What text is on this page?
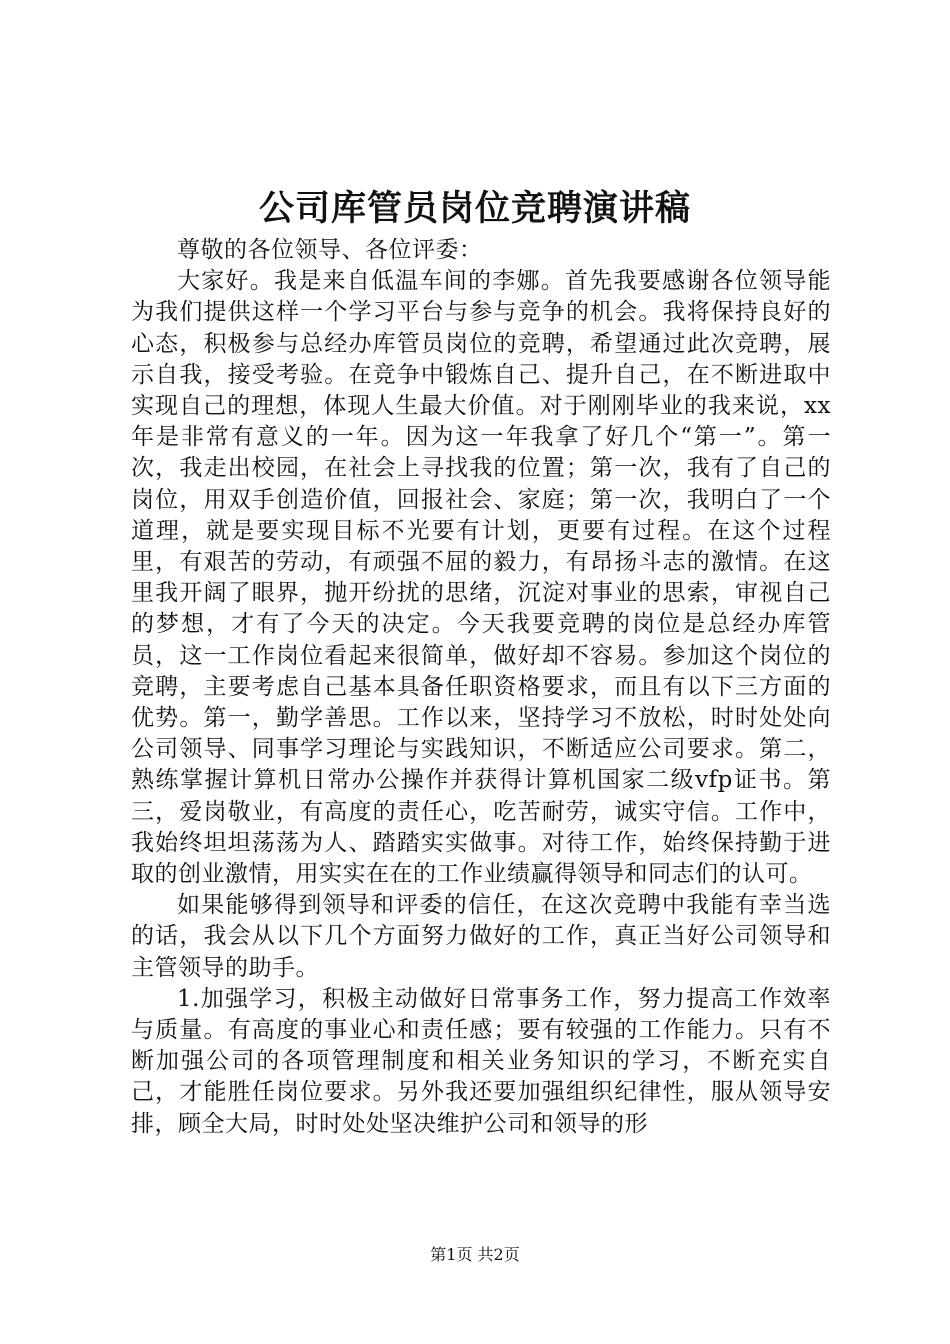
公司库管员岗位竞聘演讲稿

尊敬的各位领导、各位评委：

大家好。我是来自低温车间的李娜。首先我要感谢各位领导能为我们提供这样一个学习平台与参与竞争的机会。我将保持良好的心态，积极参与总经办库管员岗位的竞聘，希望通过此次竞聘，展示自我，接受考验。在竞争中锻炼自己、提升自己，在不断进取中实现自己的理想，体现人生最大价值。对于刚刚毕业的我来说，xx年是非常有意义的一年。因为这一年我拿了好几个“第一”。第一次，我走出校园，在社会上寻找我的位置；第一次，我有了自己的岗位，用双手创造价值，回报社会、家庭；第一次，我明白了一个道理，就是要实现目标不光要有计划，更要有过程。在这个过程里，有艰苦的劳动，有顽强不屈的毅力，有昂扬斗志的激情。在这里我开阔了眼界，抛开纷扰的思绪，沉淀对事业的思索，审视自己的梦想，才有了今天的决定。今天我要竞聘的岗位是总经办库管员，这一工作岗位看起来很简单，做好却不容易。参加这个岗位的竞聘，主要考虑自己基本具备任职资格要求，而且有以下三方面的优势。第一，勤学善思。工作以来，坚持学习不放松，时时处处向公司领导、同事学习理论与实践知识，不断适应公司要求。第二，熟练掌握计算机日常办公操作并获得计算机国家二级vfp证书。第三，爱岗敬业，有高度的责任心，吃苦耐劳，诚实守信。工作中，我始终坦坦荡荡为人、踏踏实实做事。对待工作，始终保持勤于进取的创业激情，用实实在在的工作业绩赢得领导和同志们的认可。

如果能够得到领导和评委的信任，在这次竞聘中我能有幸当选的话，我会从以下几个方面努力做好的工作，真正当好公司领导和主管领导的助手。

1.加强学习，积极主动做好日常事务工作，努力提高工作效率与质量。有高度的事业心和责任感；要有较强的工作能力。只有不断加强公司的各项管理制度和相关业务知识的学习，不断充实自己，才能胜任岗位要求。另外我还要加强组织纪律性，服从领导安排，顾全大局，时时处处坚决维护公司和领导的形

第1页 共2页
